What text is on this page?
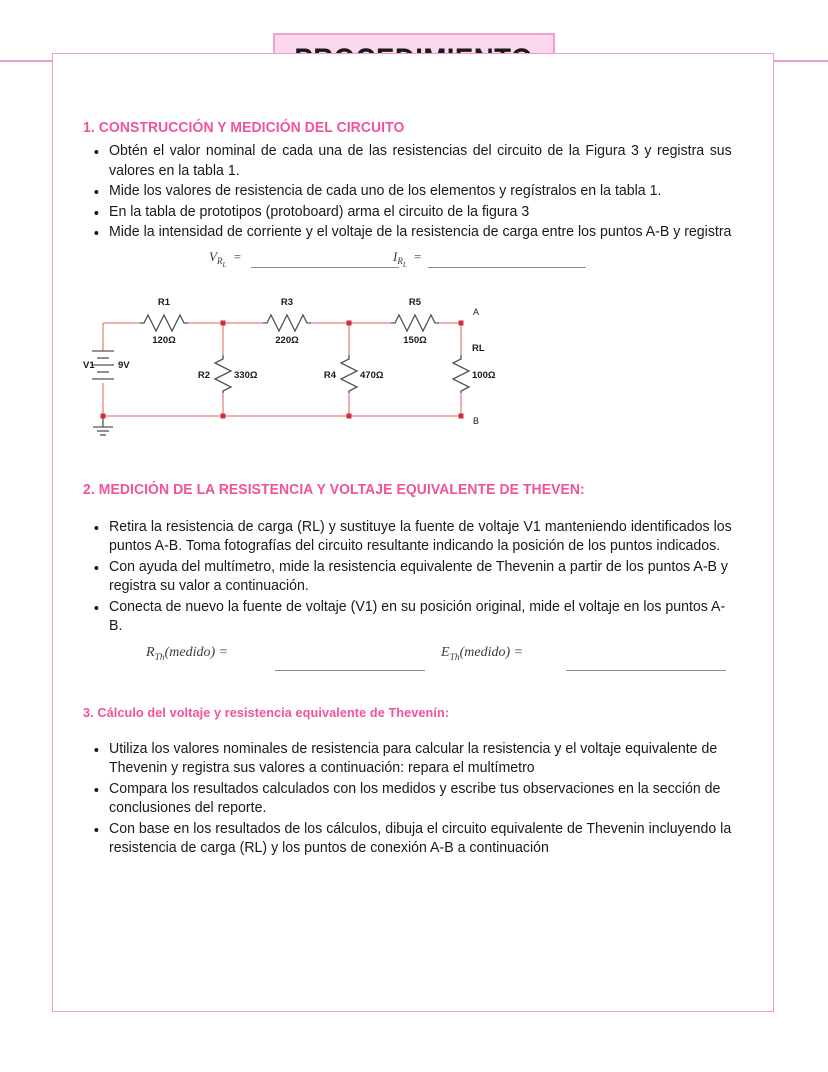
1. CONSTRUCCIÓN Y MEDICIÓN DEL CIRCUITO
Obtén el valor nominal de cada una de las resistencias del circuito de la Figura 3 y registra sus valores en la tabla 1.
Mide los valores de resistencia de cada uno de los elementos y regístralos en la tabla 1.
En la tabla de prototipos (protoboard) arma el circuito de la figura 3
Mide la intensidad de corriente y el voltaje de la resistencia de carga entre los puntos A-B y registra
$V_{R_L}$  =	$I_{R_L}$  =
R1
120Ω
R3
220Ω
R5
150Ω
R2	330Ω	R4	470Ω
RL
100Ω
V1 9V
A
B
2. MEDICIÓN DE LA RESISTENCIA Y VOLTAJE EQUIVALENTE DE THEVEN:
Retira la resistencia de carga (RL) y sustituye la fuente de voltaje V1 manteniendo identificados los puntos A-B. Toma fotografías del circuito resultante indicando la posición de los puntos indicados.
Con ayuda del multímetro, mide la resistencia equivalente de Thevenin a partir de los puntos A-B y registra su valor a continuación.
Conecta de nuevo la fuente de voltaje (V1) en su posición original, mide el voltaje en los puntos A-B.
$R_{Th}(medido)$ =	$E_{Th}(medido)$ =
3. Cálculo del voltaje y resistencia equivalente de Thevenín:
Utiliza los valores nominales de resistencia para calcular la resistencia y el voltaje equivalente de Thevenin y registra sus valores a continuación: repara el multímetro
Compara los resultados calculados con los medidos y escribe tus observaciones en la sección de conclusiones del reporte.
Con base en los resultados de los cálculos, dibuja el circuito equivalente de Thevenin incluyendo la
resistencia de carga (RL) y los puntos de conexión A-B a continuación
